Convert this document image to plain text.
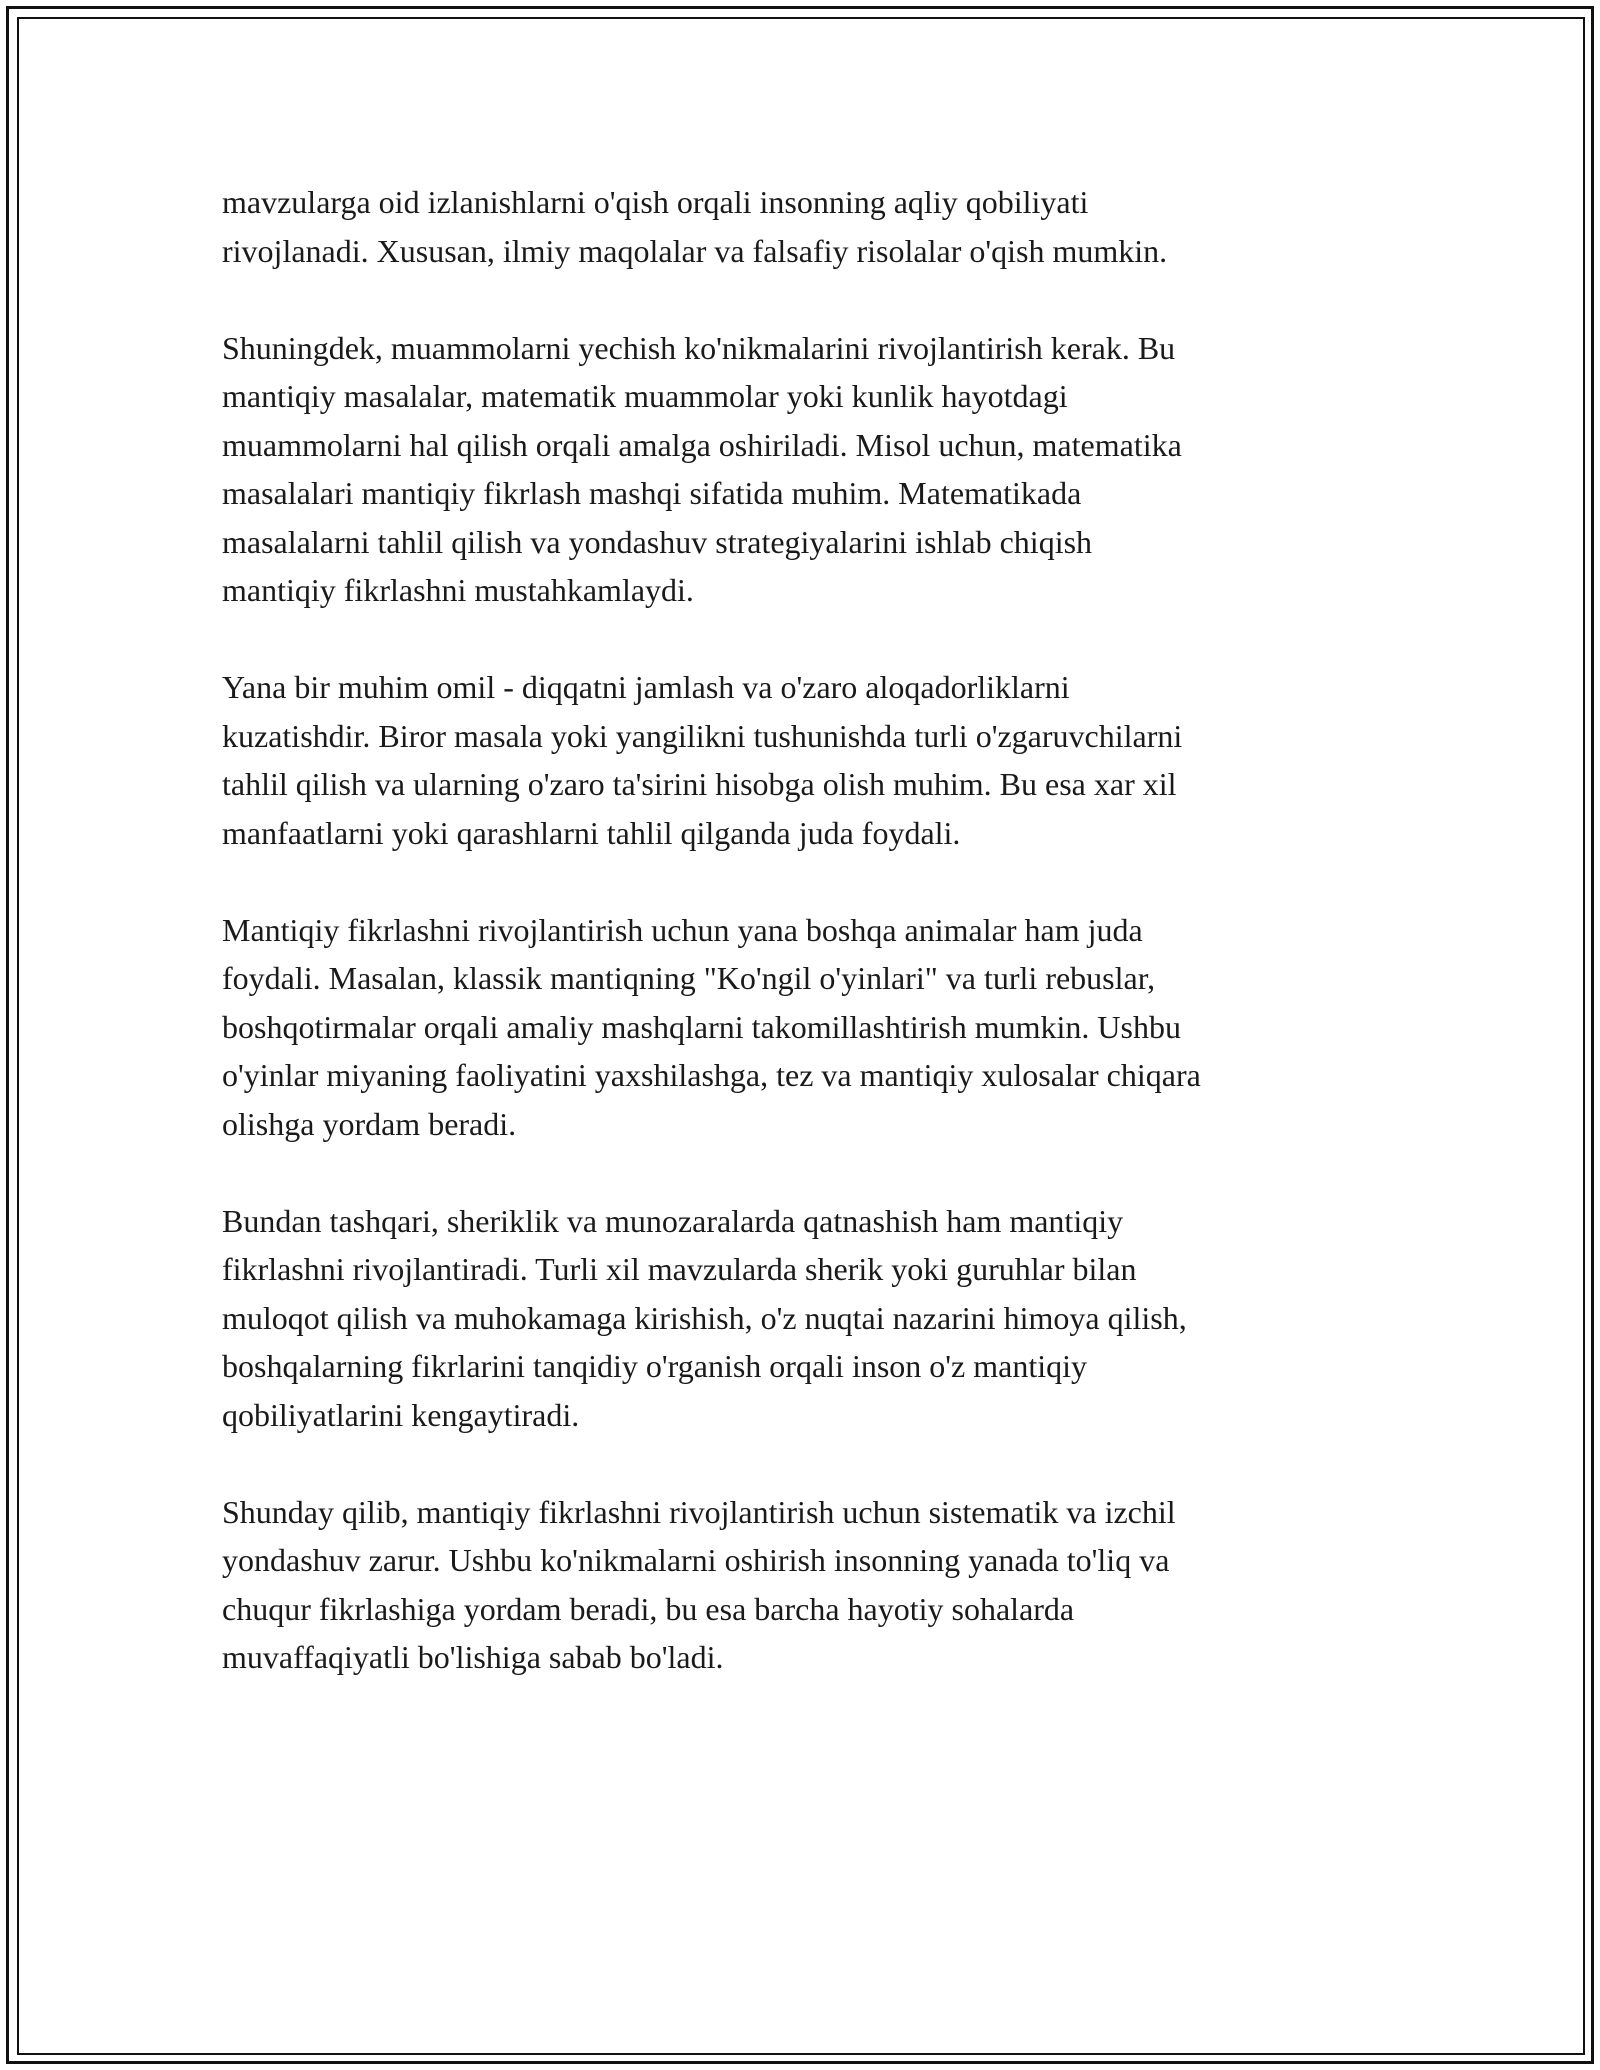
mavzularga oid izlanishlarni o'qish orqali insonning aqliy qobiliyati
rivojlanadi. Xususan, ilmiy maqolalar va falsafiy risolalar o'qish mumkin.

Shuningdek, muammolarni yechish ko'nikmalarini rivojlantirish kerak. Bu
mantiqiy masalalar, matematik muammolar yoki kunlik hayotdagi
muammolarni hal qilish orqali amalga oshiriladi. Misol uchun, matematika
masalalari mantiqiy fikrlash mashqi sifatida muhim. Matematikada
masalalarni tahlil qilish va yondashuv strategiyalarini ishlab chiqish
mantiqiy fikrlashni mustahkamlaydi.

Yana bir muhim omil - diqqatni jamlash va o'zaro aloqadorliklarni
kuzatishdir. Biror masala yoki yangilikni tushunishda turli o'zgaruvchilarni
tahlil qilish va ularning o'zaro ta'sirini hisobga olish muhim. Bu esa xar xil
manfaatlarni yoki qarashlarni tahlil qilganda juda foydali.

Mantiqiy fikrlashni rivojlantirish uchun yana boshqa animalar ham juda
foydali. Masalan, klassik mantiqning "Ko'ngil o'yinlari" va turli rebuslar,
boshqotirmalar orqali amaliy mashqlarni takomillashtirish mumkin. Ushbu
o'yinlar miyaning faoliyatini yaxshilashga, tez va mantiqiy xulosalar chiqara
olishga yordam beradi.

Bundan tashqari, sheriklik va munozaralarda qatnashish ham mantiqiy
fikrlashni rivojlantiradi. Turli xil mavzularda sherik yoki guruhlar bilan
muloqot qilish va muhokamaga kirishish, o'z nuqtai nazarini himoya qilish,
boshqalarning fikrlarini tanqidiy o'rganish orqali inson o'z mantiqiy
qobiliyatlarini kengaytiradi.

Shunday qilib, mantiqiy fikrlashni rivojlantirish uchun sistematik va izchil
yondashuv zarur. Ushbu ko'nikmalarni oshirish insonning yanada to'liq va
chuqur fikrlashiga yordam beradi, bu esa barcha hayotiy sohalarda
muvaffaqiyatli bo'lishiga sabab bo'ladi.
